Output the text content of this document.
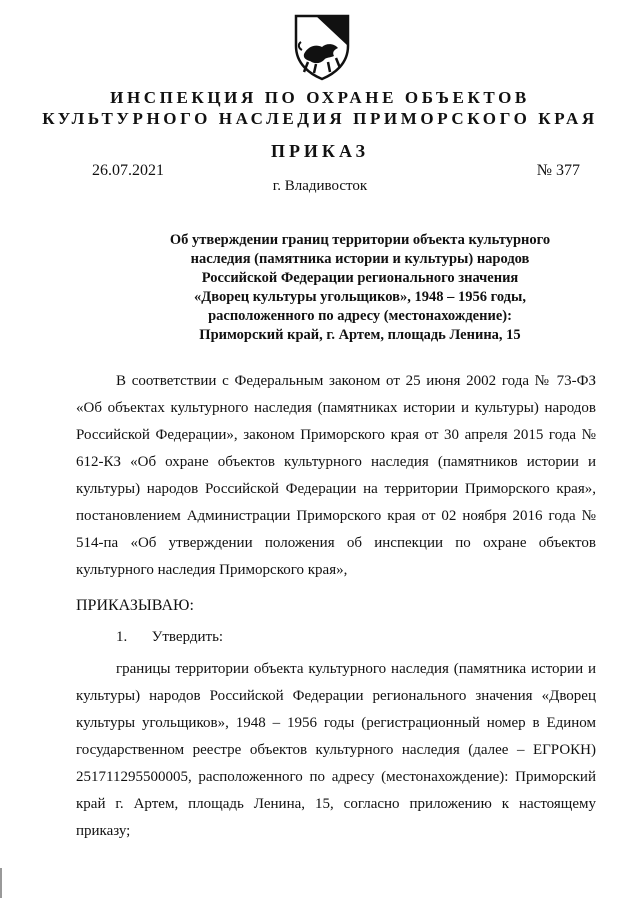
ИНСПЕКЦИЯ ПО ОХРАНЕ ОБЪЕКТОВ
КУЛЬТУРНОГО НАСЛЕДИЯ ПРИМОРСКОГО КРАЯ
ПРИКАЗ
26.07.2021	№ 377
г. Владивосток
Об утверждении границ территории объекта культурного
наследия (памятника истории и культуры) народов
Российской Федерации регионального значения
«Дворец культуры угольщиков», 1948 – 1956 годы,
расположенного по адресу (местонахождение):
Приморский край, г. Артем, площадь Ленина, 15
В соответствии с Федеральным законом от 25 июня 2002 года № 73-ФЗ «Об объектах культурного наследия (памятниках истории и культуры) народов Российской Федерации», законом Приморского края от 30 апреля 2015 года № 612-КЗ «Об охране объектов культурного наследия (памятников истории и культуры) народов Российской Федерации на территории Приморского края», постановлением Администрации Приморского края от 02 ноября 2016 года № 514-па «Об утверждении положения об инспекции по охране объектов культурного наследия Приморского края»,
ПРИКАЗЫВАЮ:
1. Утвердить:
границы территории объекта культурного наследия (памятника истории и культуры) народов Российской Федерации регионального значения «Дворец культуры угольщиков», 1948 – 1956 годы (регистрационный номер в Едином государственном реестре объектов культурного наследия (далее – ЕГРОКН) 251711295500005, расположенного по адресу (местонахождение): Приморский край г. Артем, площадь Ленина, 15, согласно приложению к настоящему приказу;
